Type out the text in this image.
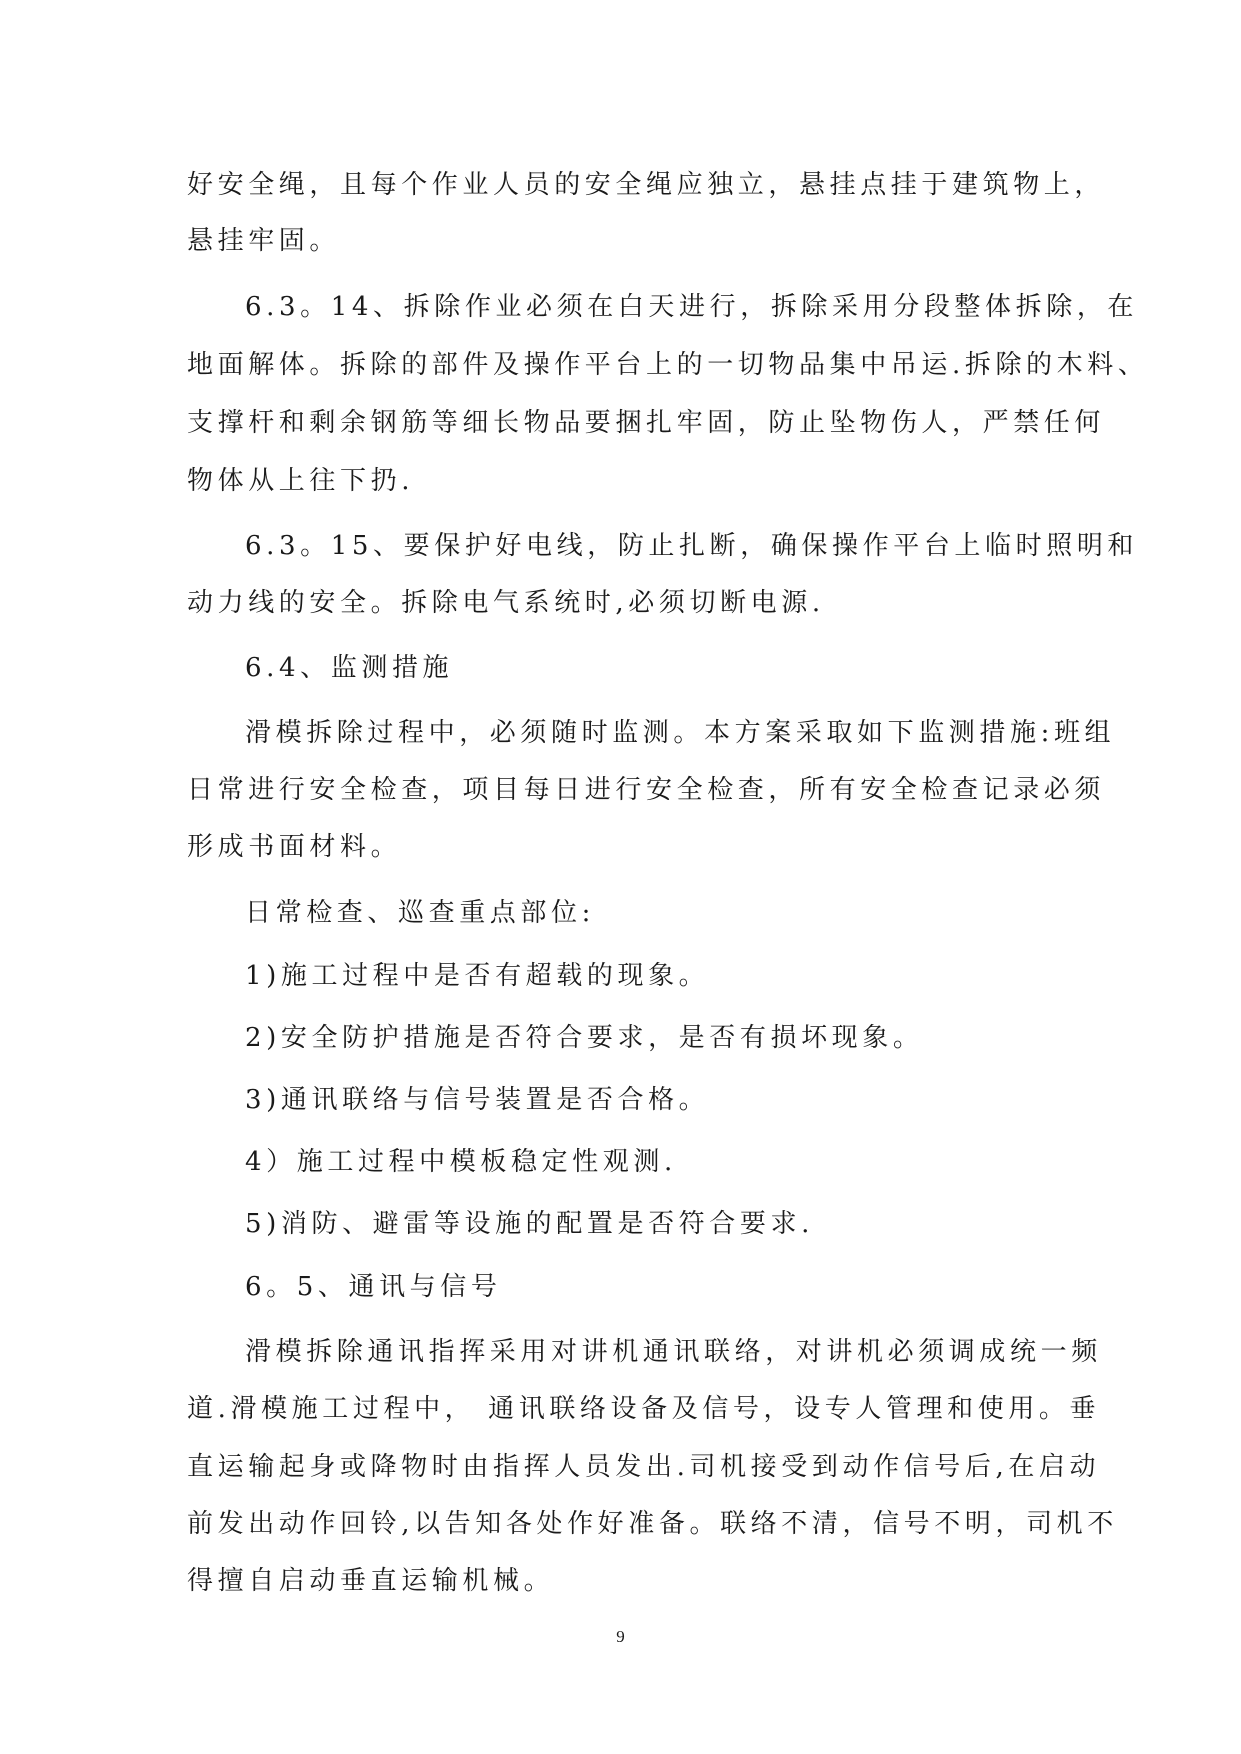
好安全绳，且每个作业人员的安全绳应独立，悬挂点挂于建筑物上，
悬挂牢固。
6.3。14、拆除作业必须在白天进行，拆除采用分段整体拆除，在
地面解体。拆除的部件及操作平台上的一切物品集中吊运.拆除的木料、
支撑杆和剩余钢筋等细长物品要捆扎牢固，防止坠物伤人，严禁任何
物体从上往下扔.
6.3。15、要保护好电线，防止扎断，确保操作平台上临时照明和
动力线的安全。拆除电气系统时,必须切断电源.
6.4、监测措施
滑模拆除过程中，必须随时监测。本方案采取如下监测措施:班组
日常进行安全检查，项目每日进行安全检查，所有安全检查记录必须
形成书面材料。
日常检查、巡查重点部位:
1)施工过程中是否有超载的现象。
2)安全防护措施是否符合要求，是否有损坏现象。
3)通讯联络与信号装置是否合格。
4）施工过程中模板稳定性观测.
5)消防、避雷等设施的配置是否符合要求.
6。5、通讯与信号
滑模拆除通讯指挥采用对讲机通讯联络，对讲机必须调成统一频
道.滑模施工过程中， 通讯联络设备及信号，设专人管理和使用。垂
直运输起身或降物时由指挥人员发出.司机接受到动作信号后,在启动
前发出动作回铃,以告知各处作好准备。联络不清，信号不明，司机不
得擅自启动垂直运输机械。
9
